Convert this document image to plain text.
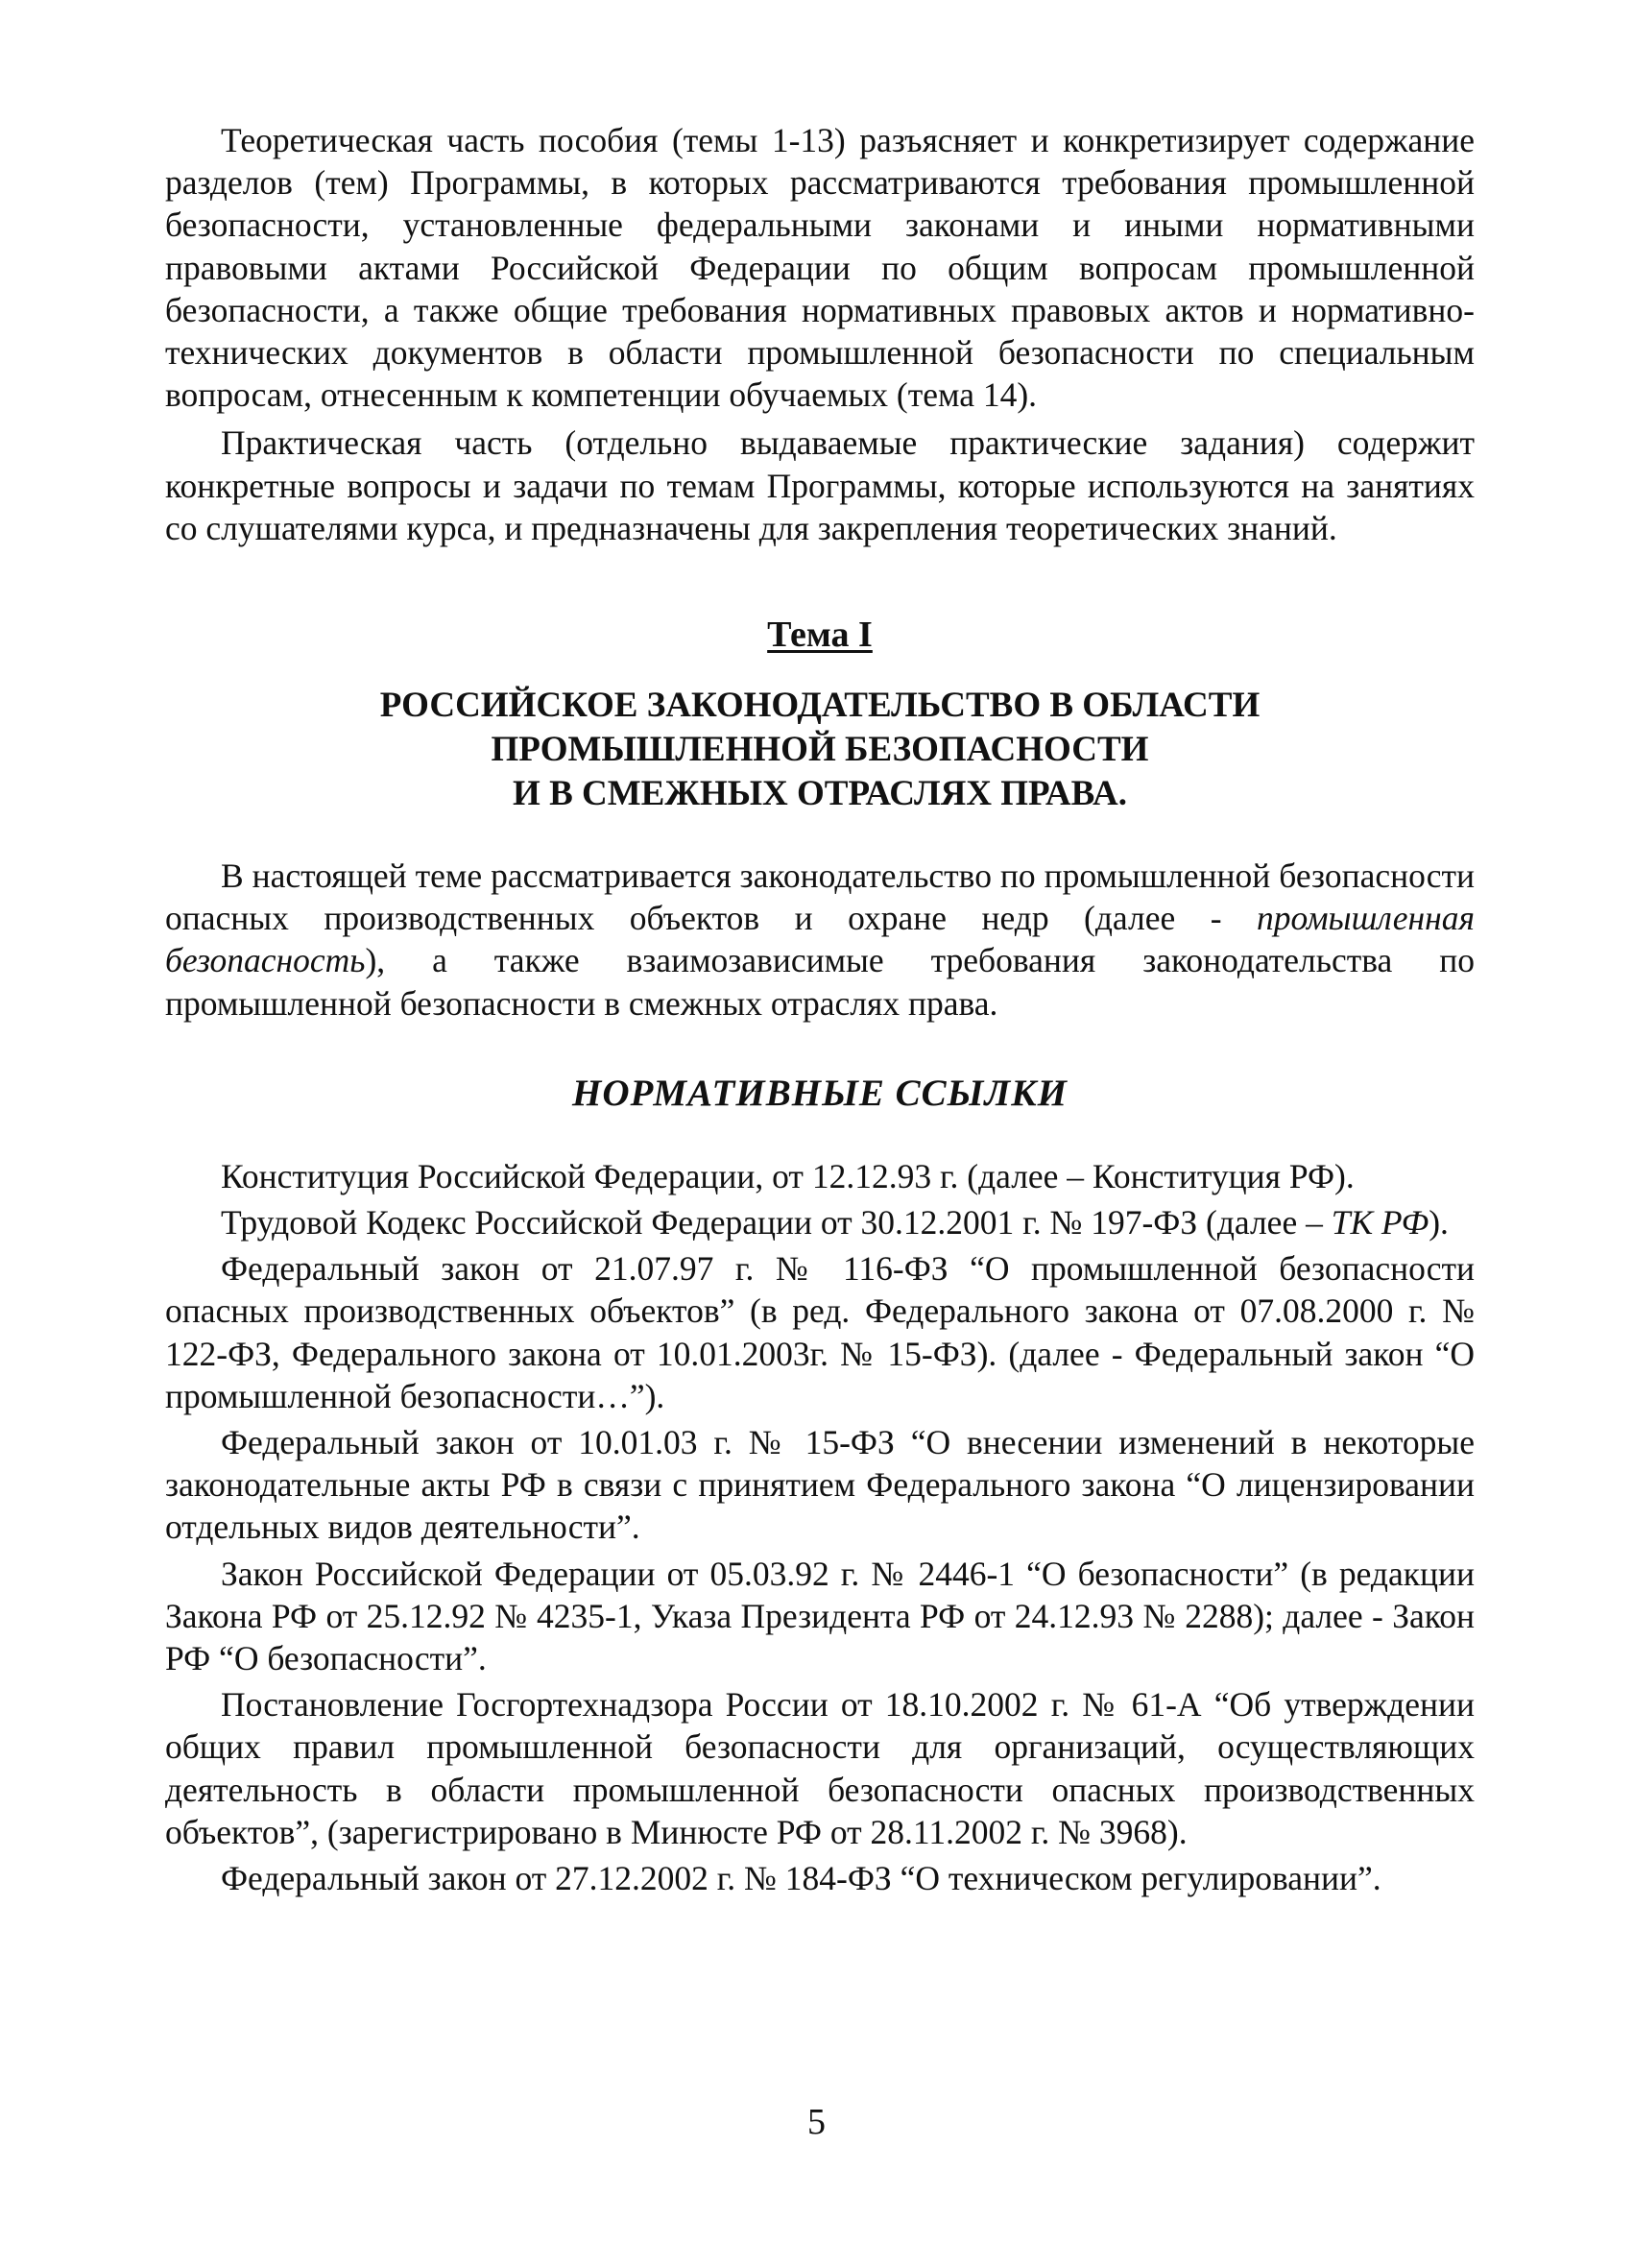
Теоретическая часть пособия (темы 1-13) разъясняет и конкретизирует содержание разделов (тем) Программы, в которых рассматриваются требования промышленной безопасности, установленные федеральными законами и иными нормативными правовыми актами Российской Федерации по общим вопросам промышленной безопасности, а также общие требования нормативных правовых актов и нормативно-технических документов в области промышленной безопасности по специальным вопросам, отнесенным к компетенции обучаемых (тема 14).

Практическая часть (отдельно выдаваемые практические задания) содержит конкретные вопросы и задачи по темам Программы, которые используются на занятиях со слушателями курса, и предназначены для закрепления теоретических знаний.

Тема I
РОССИЙСКОЕ ЗАКОНОДАТЕЛЬСТВО В ОБЛАСТИ
ПРОМЫШЛЕННОЙ БЕЗОПАСНОСТИ
И В СМЕЖНЫХ ОТРАСЛЯХ ПРАВА.

В настоящей теме рассматривается законодательство по промышленной безопасности опасных производственных объектов и охране недр (далее - промышленная безопасность), а также взаимозависимые требования законодательства по промышленной безопасности в смежных отраслях права.

НОРМАТИВНЫЕ ССЫЛКИ

Конституция Российской Федерации, от 12.12.93 г. (далее – Конституция РФ).

Трудовой Кодекс Российской Федерации от 30.12.2001 г. № 197-ФЗ (далее – ТК РФ).

Федеральный закон от 21.07.97 г. № 116-ФЗ “О промышленной безопасности опасных производственных объектов” (в ред. Федерального закона от 07.08.2000 г. № 122-ФЗ, Федерального закона от 10.01.2003г. № 15-ФЗ). (далее - Федеральный закон “О промышленной безопасности…”).

Федеральный закон от 10.01.03 г. № 15-ФЗ “О внесении изменений в некоторые законодательные акты РФ в связи с принятием Федерального закона “О лицензировании отдельных видов деятельности”.

Закон Российской Федерации от 05.03.92 г. № 2446-1 “О безопасности” (в редакции Закона РФ от 25.12.92 № 4235-1, Указа Президента РФ от 24.12.93 № 2288); далее - Закон РФ “О безопасности”.

Постановление Госгортехнадзора России от 18.10.2002 г. № 61-А “Об утверждении общих правил промышленной безопасности для организаций, осуществляющих деятельность в области промышленной безопасности опасных производственных объектов”, (зарегистрировано в Минюсте РФ от 28.11.2002 г. № 3968).

Федеральный закон от 27.12.2002 г. № 184-ФЗ “О техническом регулировании”.

5
